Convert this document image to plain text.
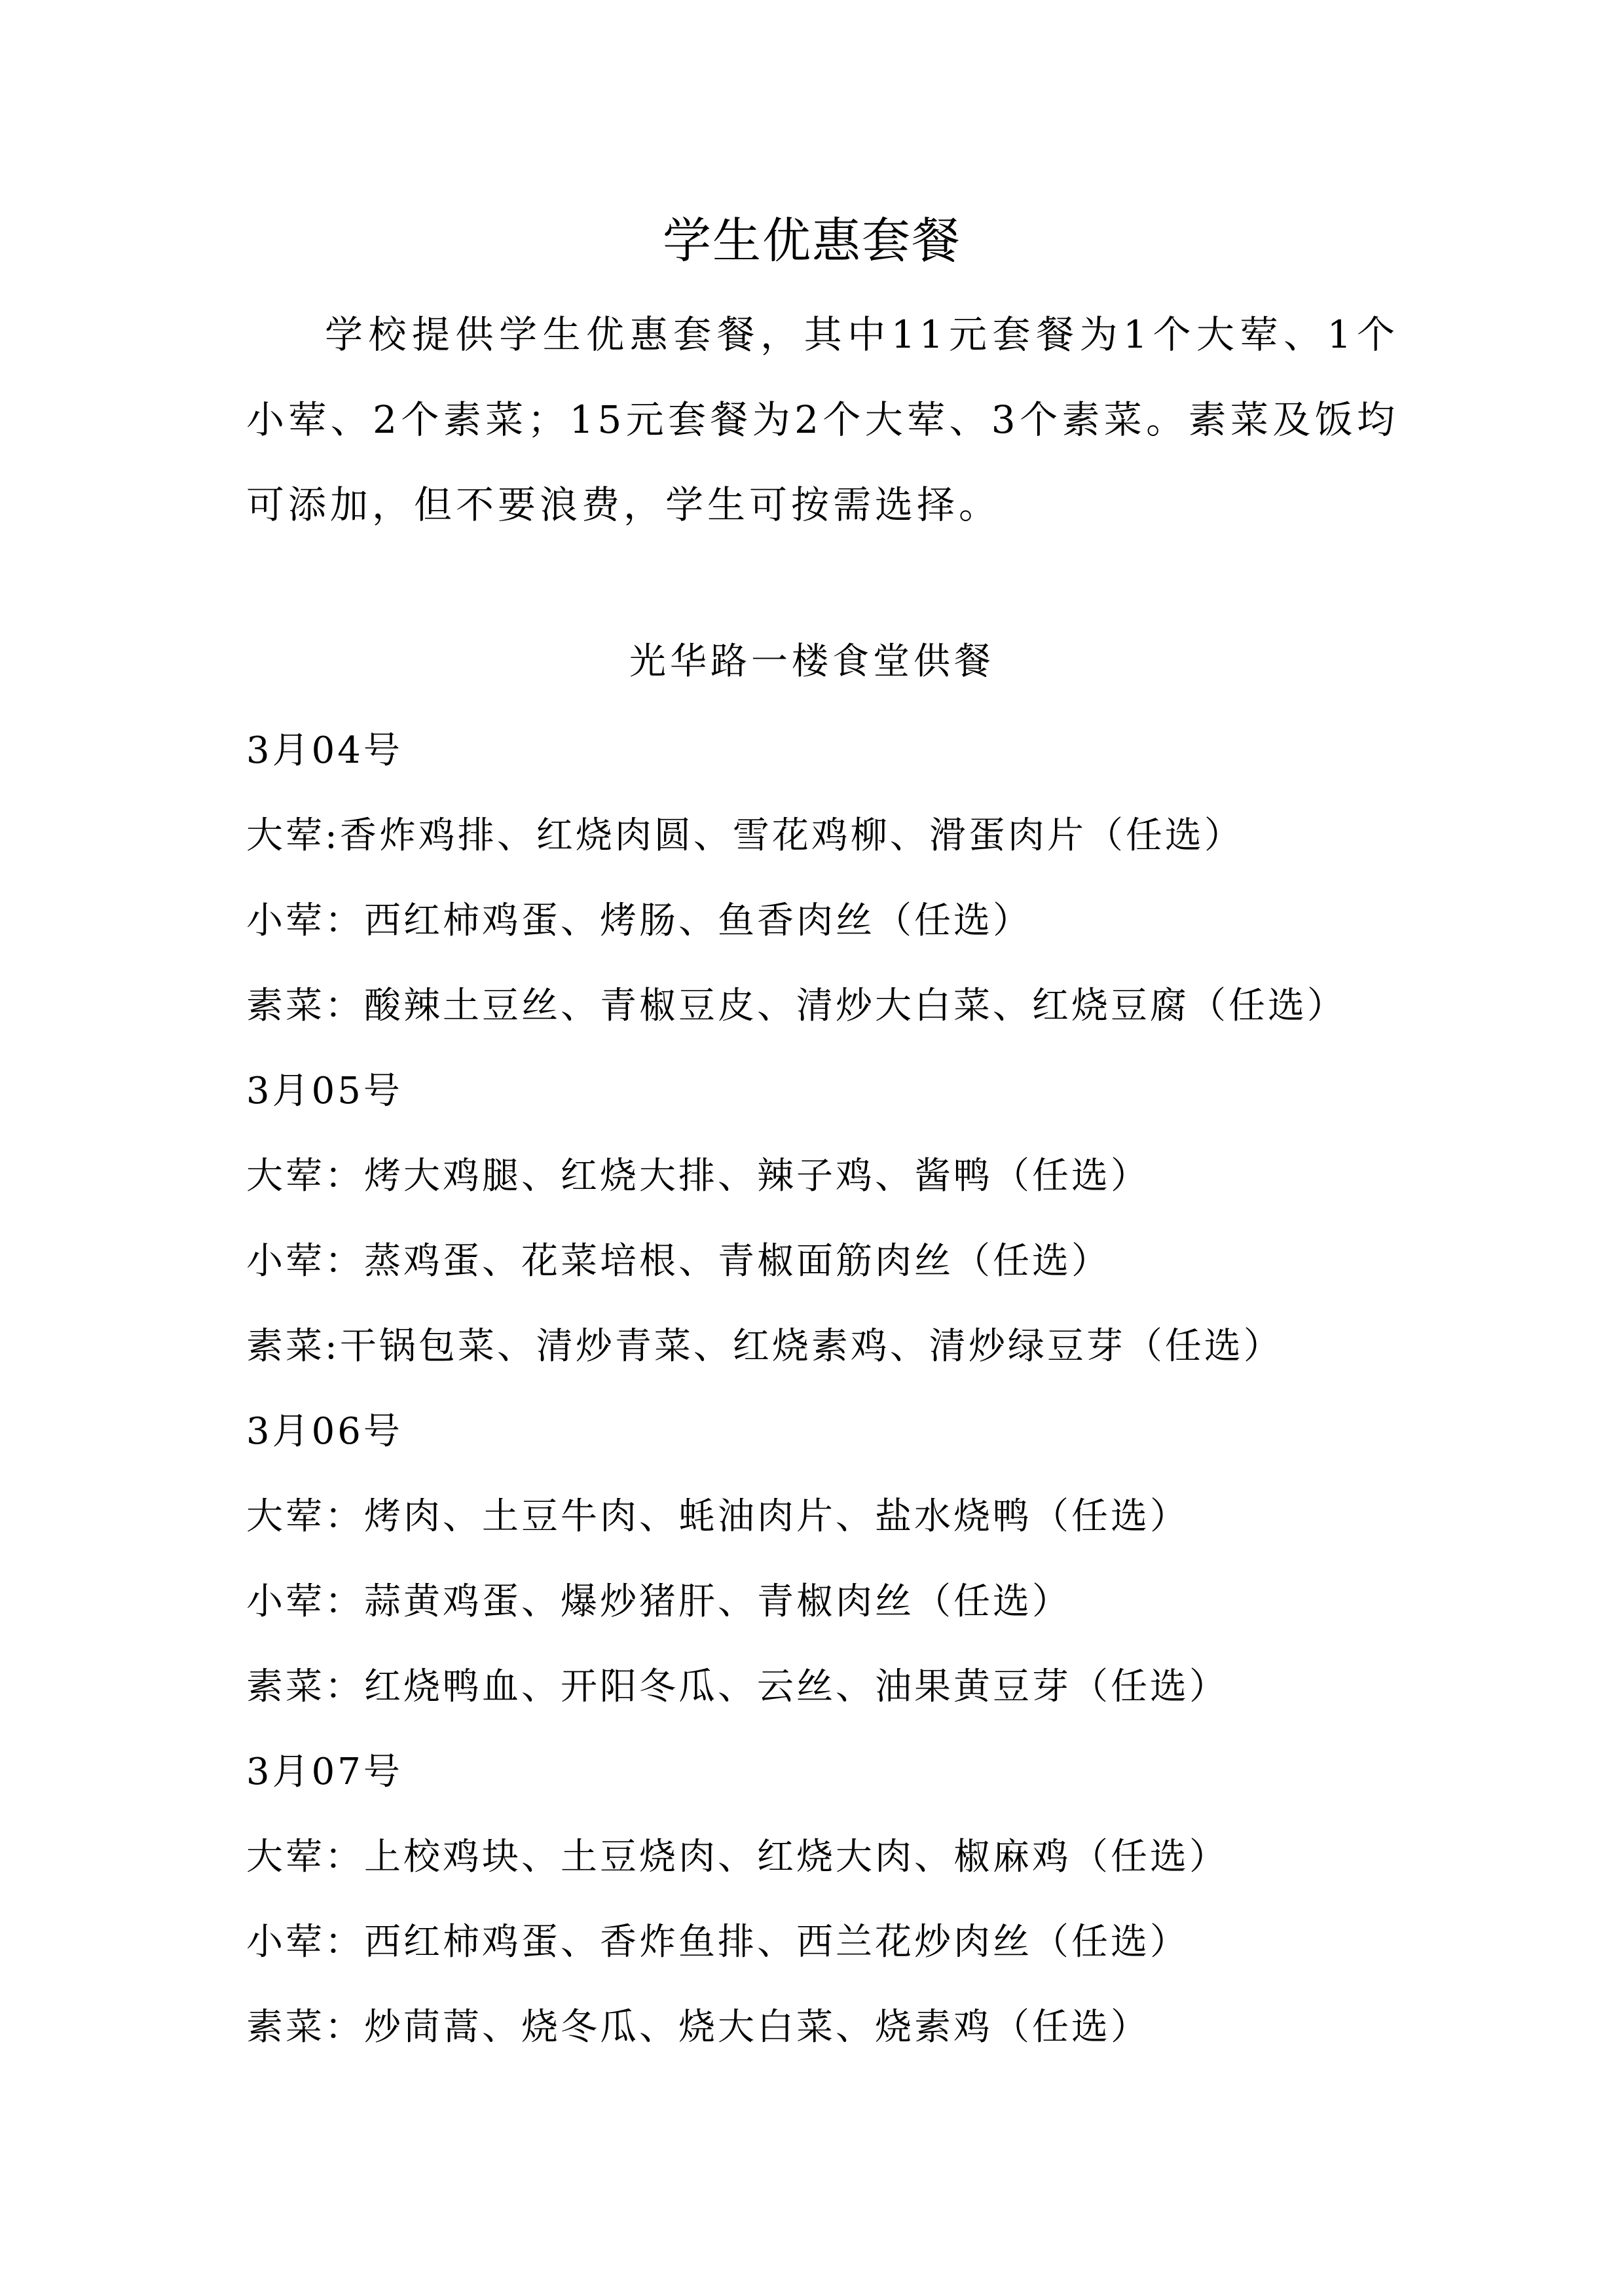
学生优惠套餐
学校提供学生优惠套餐，其中11元套餐为1个大荤、1个小荤、2个素菜；15元套餐为2个大荤、3个素菜。素菜及饭均可添加，但不要浪费，学生可按需选择。
光华路一楼食堂供餐
3月04号
大荤:香炸鸡排、红烧肉圆、雪花鸡柳、滑蛋肉片（任选）
小荤：西红柿鸡蛋、烤肠、鱼香肉丝（任选）
素菜：酸辣土豆丝、青椒豆皮、清炒大白菜、红烧豆腐（任选）
3月05号
大荤：烤大鸡腿、红烧大排、辣子鸡、酱鸭（任选）
小荤：蒸鸡蛋、花菜培根、青椒面筋肉丝（任选）
素菜:干锅包菜、清炒青菜、红烧素鸡、清炒绿豆芽（任选）
3月06号
大荤：烤肉、土豆牛肉、蚝油肉片、盐水烧鸭（任选）
小荤：蒜黄鸡蛋、爆炒猪肝、青椒肉丝（任选）
素菜：红烧鸭血、开阳冬瓜、云丝、油果黄豆芽（任选）
3月07号
大荤：上校鸡块、土豆烧肉、红烧大肉、椒麻鸡（任选）
小荤：西红柿鸡蛋、香炸鱼排、西兰花炒肉丝（任选）
素菜：炒茼蒿、烧冬瓜、烧大白菜、烧素鸡（任选）
